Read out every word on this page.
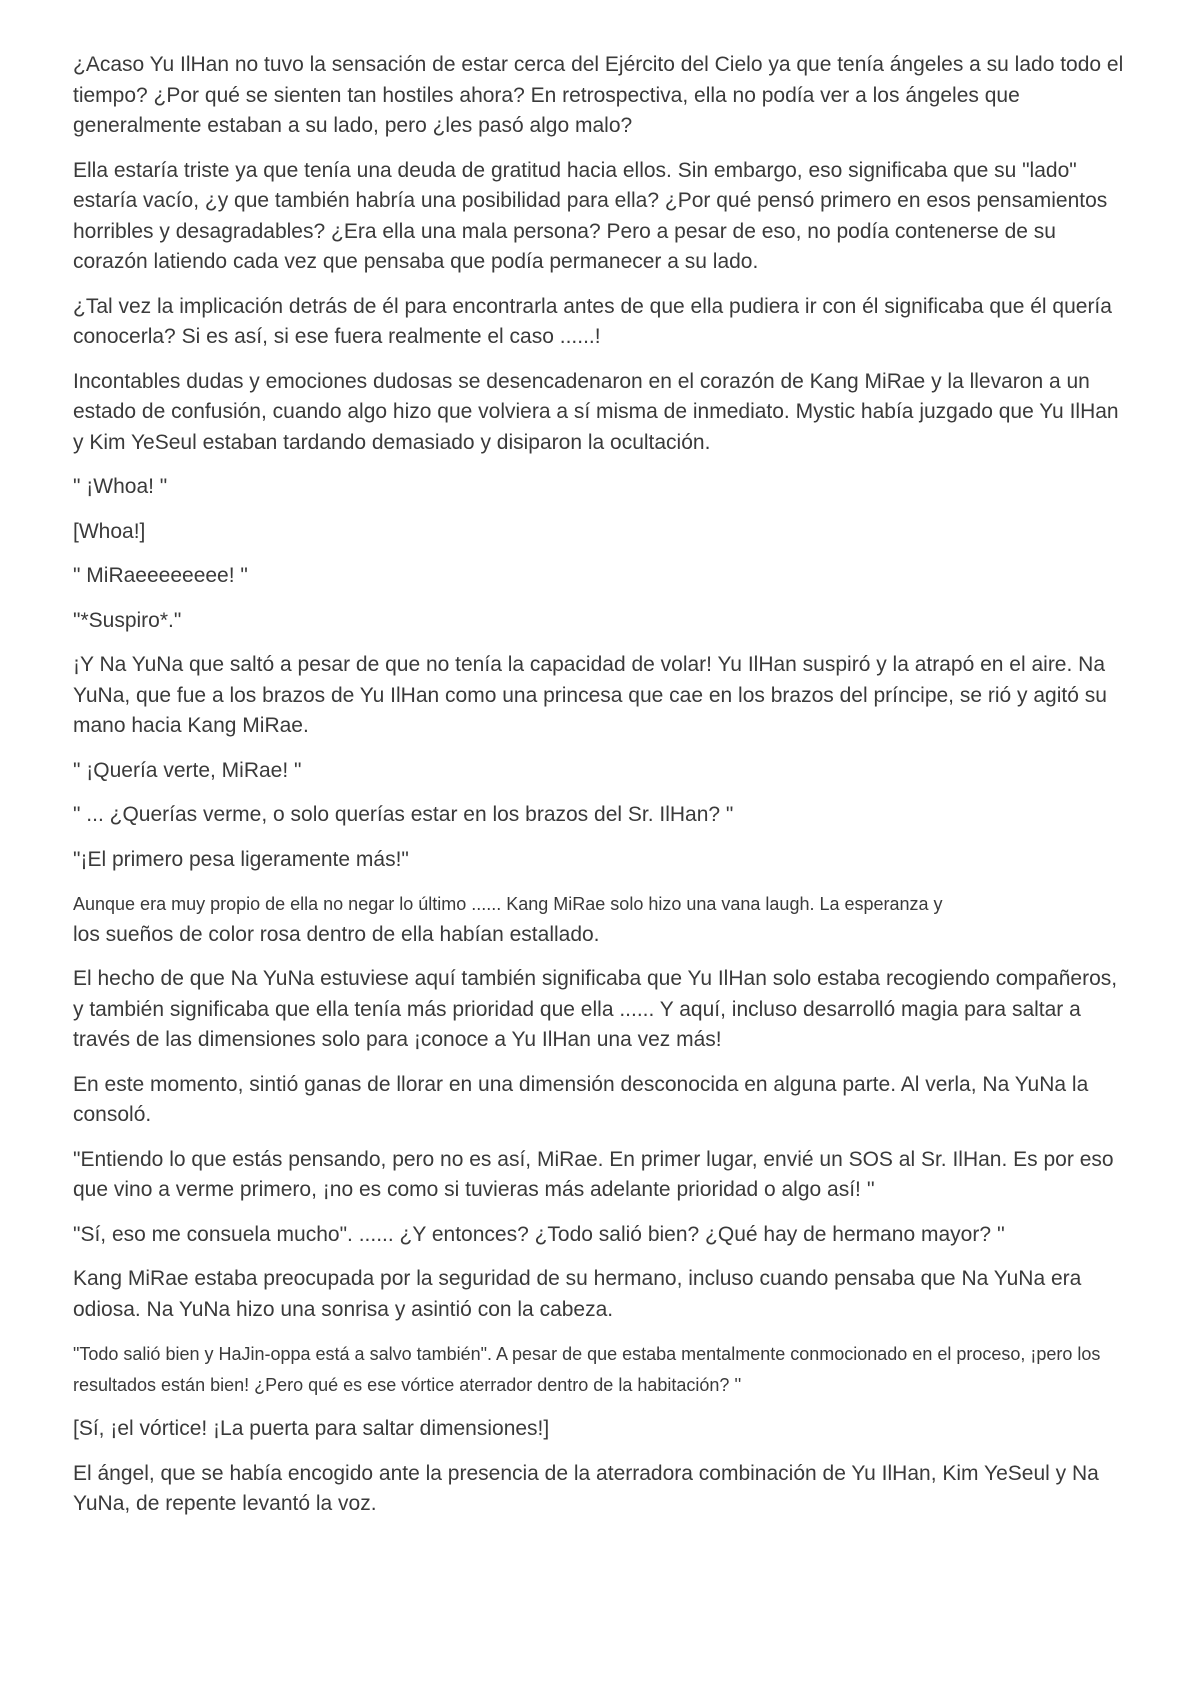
¿Acaso Yu IlHan no tuvo la sensación de estar cerca del Ejército del Cielo ya que tenía ángeles a su lado todo el tiempo? ¿Por qué se sienten tan hostiles ahora? En retrospectiva, ella no podía ver a los ángeles que generalmente estaban a su lado, pero ¿les pasó algo malo?

Ella estaría triste ya que tenía una deuda de gratitud hacia ellos. Sin embargo, eso significaba que su "lado" estaría vacío, ¿y que también habría una posibilidad para ella? ¿Por qué pensó primero en esos pensamientos horribles y desagradables? ¿Era ella una mala persona? Pero a pesar de eso, no podía contenerse de su corazón latiendo cada vez que pensaba que podía permanecer a su lado.

¿Tal vez la implicación detrás de él para encontrarla antes de que ella pudiera ir con él significaba que él quería conocerla? Si es así, si ese fuera realmente el caso ......!

Incontables dudas y emociones dudosas se desencadenaron en el corazón de Kang MiRae y la llevaron a un estado de confusión, cuando algo hizo que volviera a sí misma de inmediato. Mystic había juzgado que Yu IlHan y Kim YeSeul estaban tardando demasiado y disiparon la ocultación.

" ¡Whoa! "

[Whoa!]

" MiRaeeeeeeee! "

"*Suspiro*."

¡Y Na YuNa que saltó a pesar de que no tenía la capacidad de volar! Yu IlHan suspiró y la atrapó en el aire. Na YuNa, que fue a los brazos de Yu IlHan como una princesa que cae en los brazos del príncipe, se rió y agitó su mano hacia Kang MiRae.

" ¡Quería verte, MiRae! "

" ... ¿Querías verme, o solo querías estar en los brazos del Sr. IlHan? "

"¡El primero pesa ligeramente más!"

Aunque era muy propio de ella no negar lo último ...... Kang MiRae solo hizo una vana laugh. La esperanza y
los sueños de color rosa dentro de ella habían estallado.

El hecho de que Na YuNa estuviese aquí también significaba que Yu IlHan solo estaba recogiendo compañeros, y también significaba que ella tenía más prioridad que ella ...... Y aquí, incluso desarrolló magia para saltar a través de las dimensiones solo para ¡conoce a Yu IlHan una vez más!

En este momento, sintió ganas de llorar en una dimensión desconocida en alguna parte. Al verla, Na YuNa la consoló.

"Entiendo lo que estás pensando, pero no es así, MiRae. En primer lugar, envié un SOS al Sr. IlHan. Es por eso que vino a verme primero, ¡no es como si tuvieras más adelante prioridad o algo así! ''

"Sí, eso me consuela mucho". ...... ¿Y entonces? ¿Todo salió bien? ¿Qué hay de hermano mayor? ''

Kang MiRae estaba preocupada por la seguridad de su hermano, incluso cuando pensaba que Na YuNa era odiosa. Na YuNa hizo una sonrisa y asintió con la cabeza.

"Todo salió bien y HaJin-oppa está a salvo también". A pesar de que estaba mentalmente conmocionado en el proceso, ¡pero los resultados están bien! ¿Pero qué es ese vórtice aterrador dentro de la habitación? ''

[Sí, ¡el vórtice! ¡La puerta para saltar dimensiones!]

El ángel, que se había encogido ante la presencia de la aterradora combinación de Yu IlHan, Kim YeSeul y Na YuNa, de repente levantó la voz.
